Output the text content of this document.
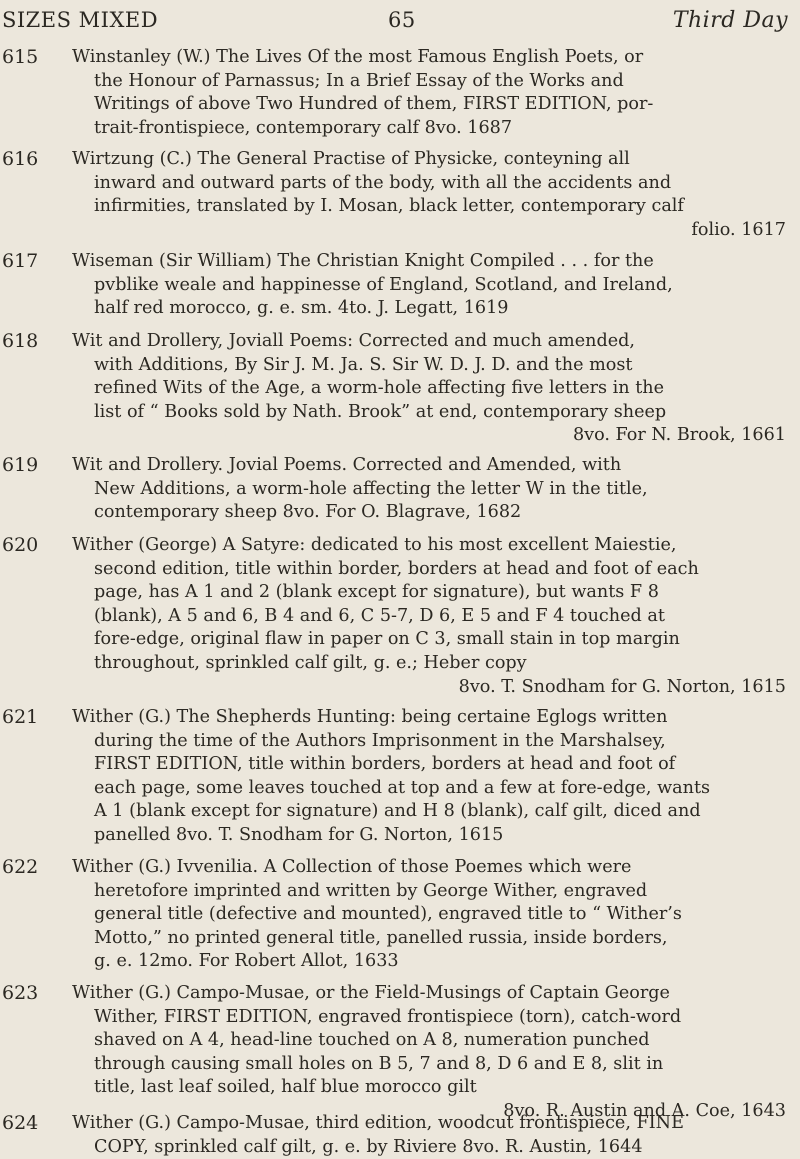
SIZES MIXED	65	Third Day
615 Winstanley (W.) The Lives Of the most Famous English Poets, or
the Honour of Parnassus; In a Brief Essay of the Works and
Writings of above Two Hundred of them, FIRST EDITION, por-
trait-frontispiece, contemporary calf 8vo. 1687
616 Wirtzung (C.) The General Practise of Physicke, conteyning all
inward and outward parts of the body, with all the accidents and
infirmities, translated by I. Mosan, black letter, contemporary calf
folio. 1617
617 Wiseman (Sir William) The Christian Knight Compiled . . . for the
pvblike weale and happinesse of England, Scotland, and Ireland,
half red morocco, g. e. sm. 4to. J. Legatt, 1619
618 Wit and Drollery, Joviall Poems: Corrected and much amended,
with Additions, By Sir J. M. Ja. S. Sir W. D. J. D. and the most
refined Wits of the Age, a worm-hole affecting five letters in the
list of “ Books sold by Nath. Brook” at end, contemporary sheep
8vo. For N. Brook, 1661
619 Wit and Drollery. Jovial Poems. Corrected and Amended, with
New Additions, a worm-hole affecting the letter W in the title,
contemporary sheep 8vo. For O. Blagrave, 1682
620 Wither (George) A Satyre: dedicated to his most excellent Maiestie,
second edition, title within border, borders at head and foot of each
page, has A 1 and 2 (blank except for signature), but wants F 8
(blank), A 5 and 6, B 4 and 6, C 5-7, D 6, E 5 and F 4 touched at
fore-edge, original flaw in paper on C 3, small stain in top margin
throughout, sprinkled calf gilt, g. e.; Heber copy
8vo. T. Snodham for G. Norton, 1615
621 Wither (G.) The Shepherds Hunting: being certaine Eglogs written
during the time of the Authors Imprisonment in the Marshalsey,
FIRST EDITION, title within borders, borders at head and foot of
each page, some leaves touched at top and a few at fore-edge, wants
A 1 (blank except for signature) and H 8 (blank), calf gilt, diced and
panelled 8vo. T. Snodham for G. Norton, 1615
622 Wither (G.) Ivvenilia. A Collection of those Poemes which were
heretofore imprinted and written by George Wither, engraved
general title (defective and mounted), engraved title to “ Wither’s
Motto,” no printed general title, panelled russia, inside borders,
g. e. 12mo. For Robert Allot, 1633
623 Wither (G.) Campo-Musae, or the Field-Musings of Captain George
Wither, FIRST EDITION, engraved frontispiece (torn), catch-word
shaved on A 4, head-line touched on A 8, numeration punched
through causing small holes on B 5, 7 and 8, D 6 and E 8, slit in
title, last leaf soiled, half blue morocco gilt
8vo. R. Austin and A. Coe, 1643
624 Wither (G.) Campo-Musae, third edition, woodcut frontispiece, FINE
COPY, sprinkled calf gilt, g. e. by Riviere 8vo. R. Austin, 1644
